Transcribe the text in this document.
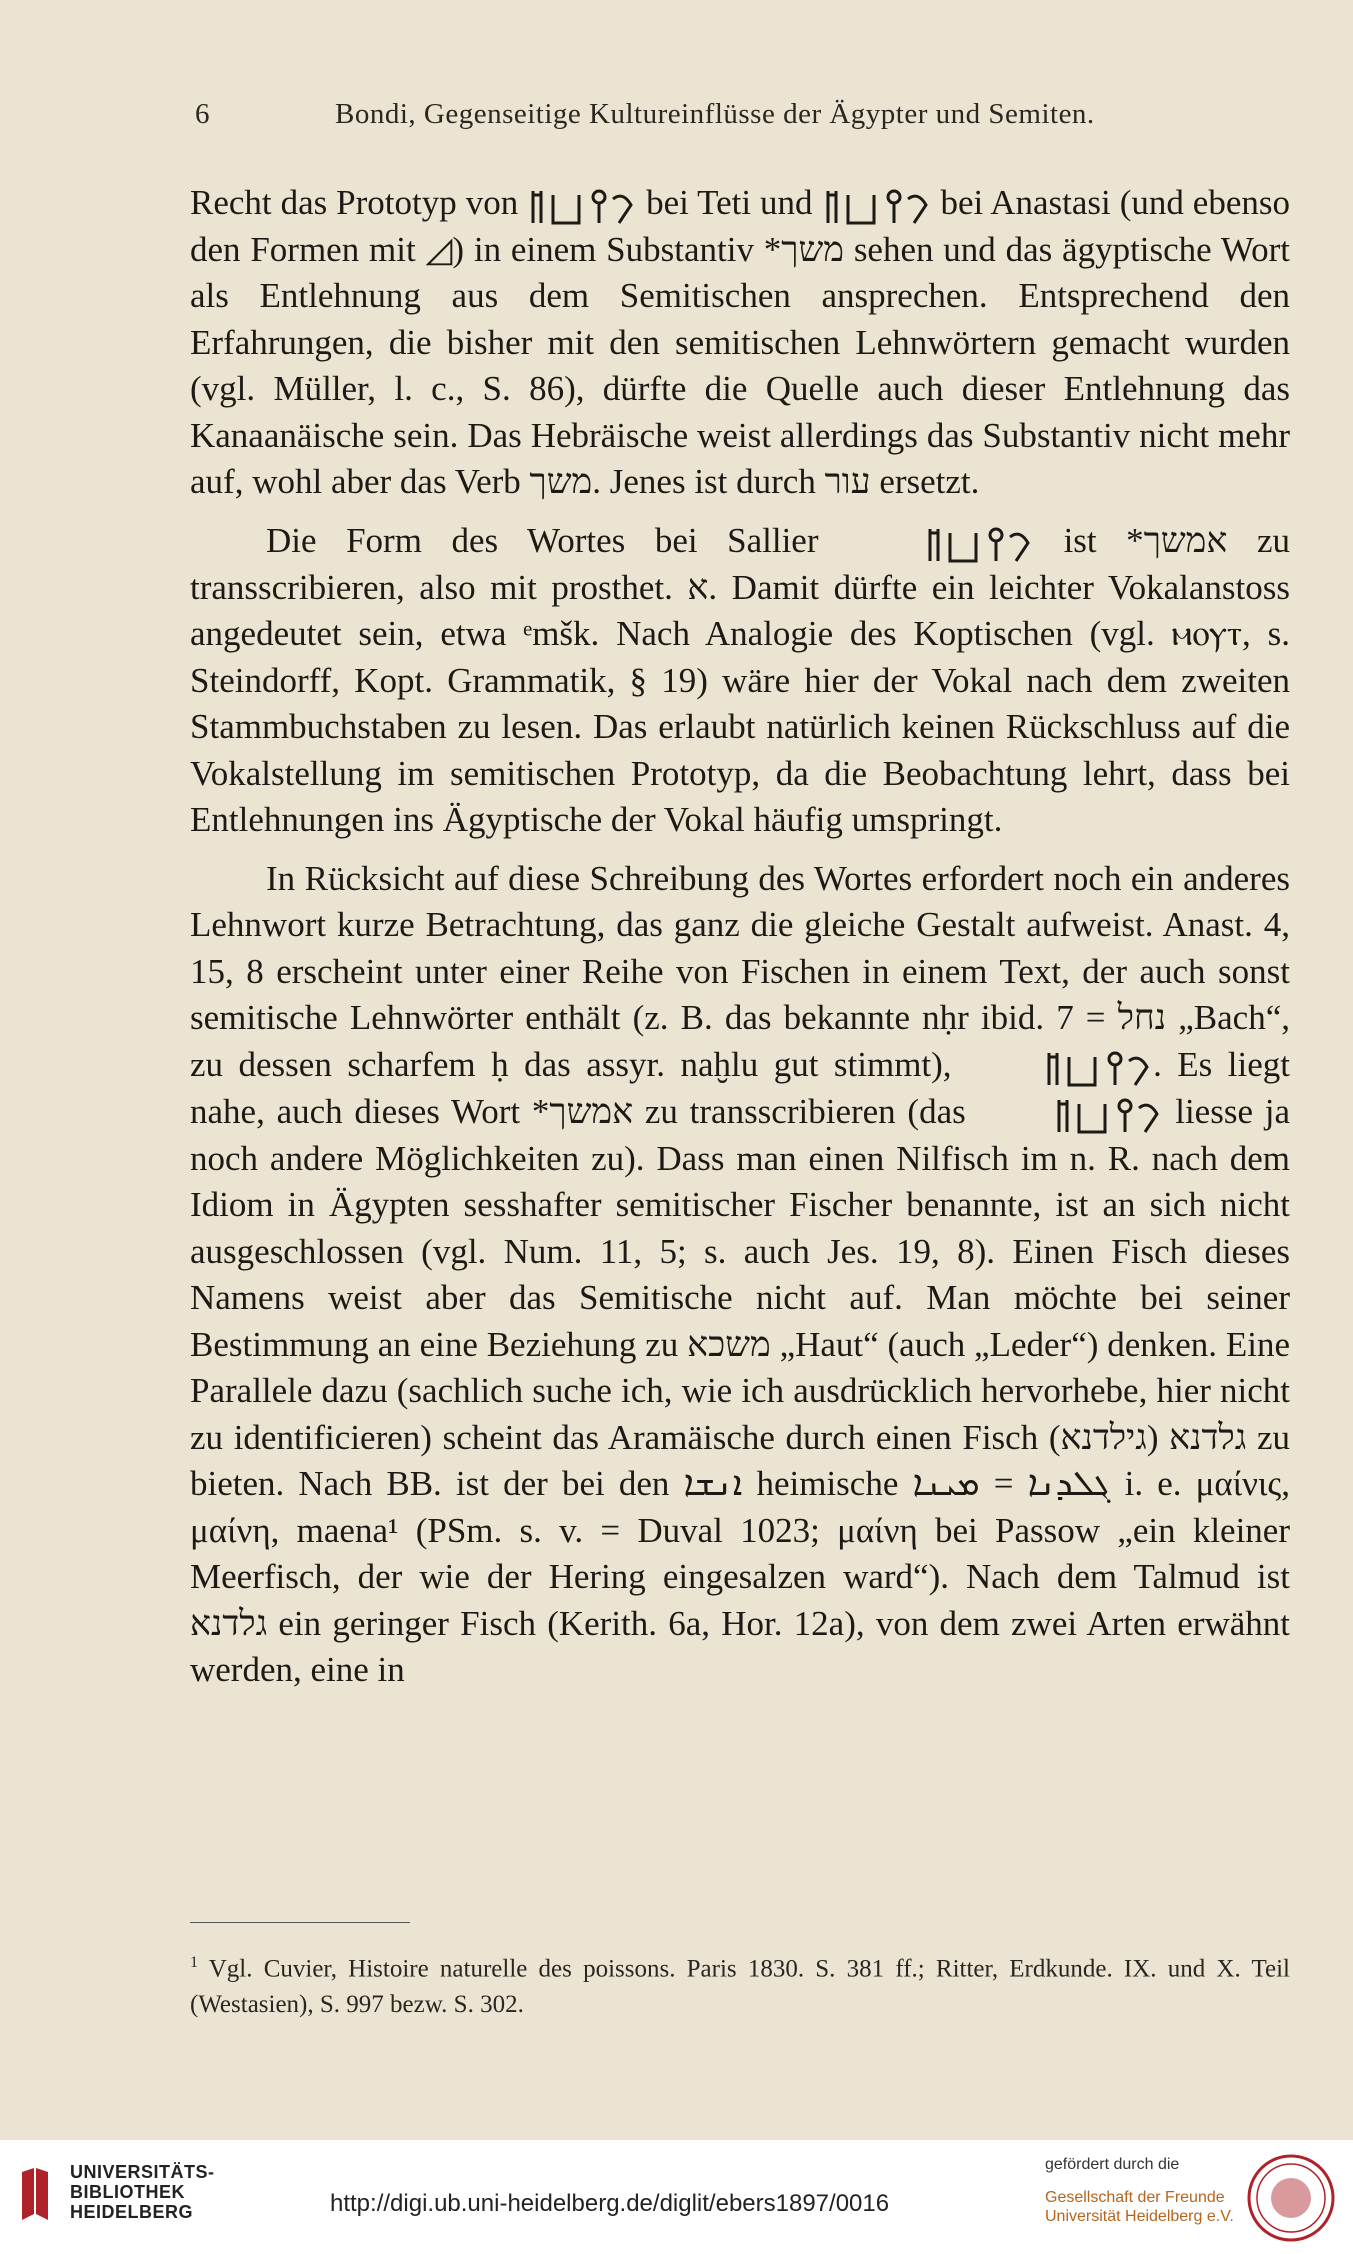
6	Bondi, Gegenseitige Kultureinflüsse der Ägypter und Semiten.

Recht das Prototyp von	bei Teti und	bei Anastasi (und ebenso den Formen mit ◿) in einem Substantiv *משך sehen und das ägyptische Wort als Entlehnung aus dem Semitischen ansprechen. Entsprechend den Erfahrungen, die bisher mit den semitischen Lehnwörtern gemacht wurden (vgl. Müller, l. c., S. 86), dürfte die Quelle auch dieser Entlehnung das Kanaanäische sein. Das Hebräische weist allerdings das Substantiv nicht mehr auf, wohl aber das Verb משך. Jenes ist durch עור ersetzt.

Die Form des Wortes bei Sallier	ist *אמשך zu transscribieren, also mit prosthet. א. Damit dürfte ein leichter Vokalanstoss angedeutet sein, etwa ᵉmšk. Nach Analogie des Koptischen (vgl. ⲙⲟⲩⲧ, s. Steindorff, Kopt. Grammatik, § 19) wäre hier der Vokal nach dem zweiten Stammbuchstaben zu lesen. Das erlaubt natürlich keinen Rückschluss auf die Vokalstellung im semitischen Prototyp, da die Beobachtung lehrt, dass bei Entlehnungen ins Ägyptische der Vokal häufig umspringt.

In Rücksicht auf diese Schreibung des Wortes erfordert noch ein anderes Lehnwort kurze Betrachtung, das ganz die gleiche Gestalt aufweist. Anast. 4, 15, 8 erscheint unter einer Reihe von Fischen in einem Text, der auch sonst semitische Lehnwörter enthält (z. B. das bekannte nḥr ibid. 7 = נחל „Bach“, zu dessen scharfem ḥ das assyr. naḫlu gut stimmt),	. Es liegt nahe, auch dieses Wort *אמשך zu transscribieren (das	liesse ja noch andere Möglichkeiten zu). Dass man einen Nilfisch im n. R. nach dem Idiom in Ägypten sesshafter semitischer Fischer benannte, ist an sich nicht ausgeschlossen (vgl. Num. 11, 5; s. auch Jes. 19, 8). Einen Fisch dieses Namens weist aber das Semitische nicht auf. Man möchte bei seiner Bestimmung an eine Beziehung zu משכא „Haut“ (auch „Leder“) denken. Eine Parallele dazu (sachlich suche ich, wie ich ausdrücklich hervorhebe, hier nicht zu identificieren) scheint das Aramäische durch einen Fisch גלדנא (גילדנא) zu bieten. Nach BB. ist der bei den ܐܢܫܐ heimische ܓܠܕܢܐ = ܡܝܢܐ i. e. μαίνις, μαίνη, maena¹ (PSm. s. v. = Duval 1023; μαίνη bei Passow „ein kleiner Meerfisch, der wie der Hering eingesalzen ward“). Nach dem Talmud ist גלדנא ein geringer Fisch (Kerith. 6a, Hor. 12a), von dem zwei Arten erwähnt werden, eine in

$^1$ Vgl. Cuvier, Histoire naturelle des poissons. Paris 1830. S. 381 ff.; Ritter, Erdkunde. IX. und X. Teil (Westasien), S. 997 bezw. S. 302.
UNIVERSITÄTS-
BIBLIOTHEK
HEIDELBERG	http://digi.ub.uni-heidelberg.de/diglit/ebers1897/0016
gefördert durch die
Gesellschaft der Freunde
Universität Heidelberg e.V.
